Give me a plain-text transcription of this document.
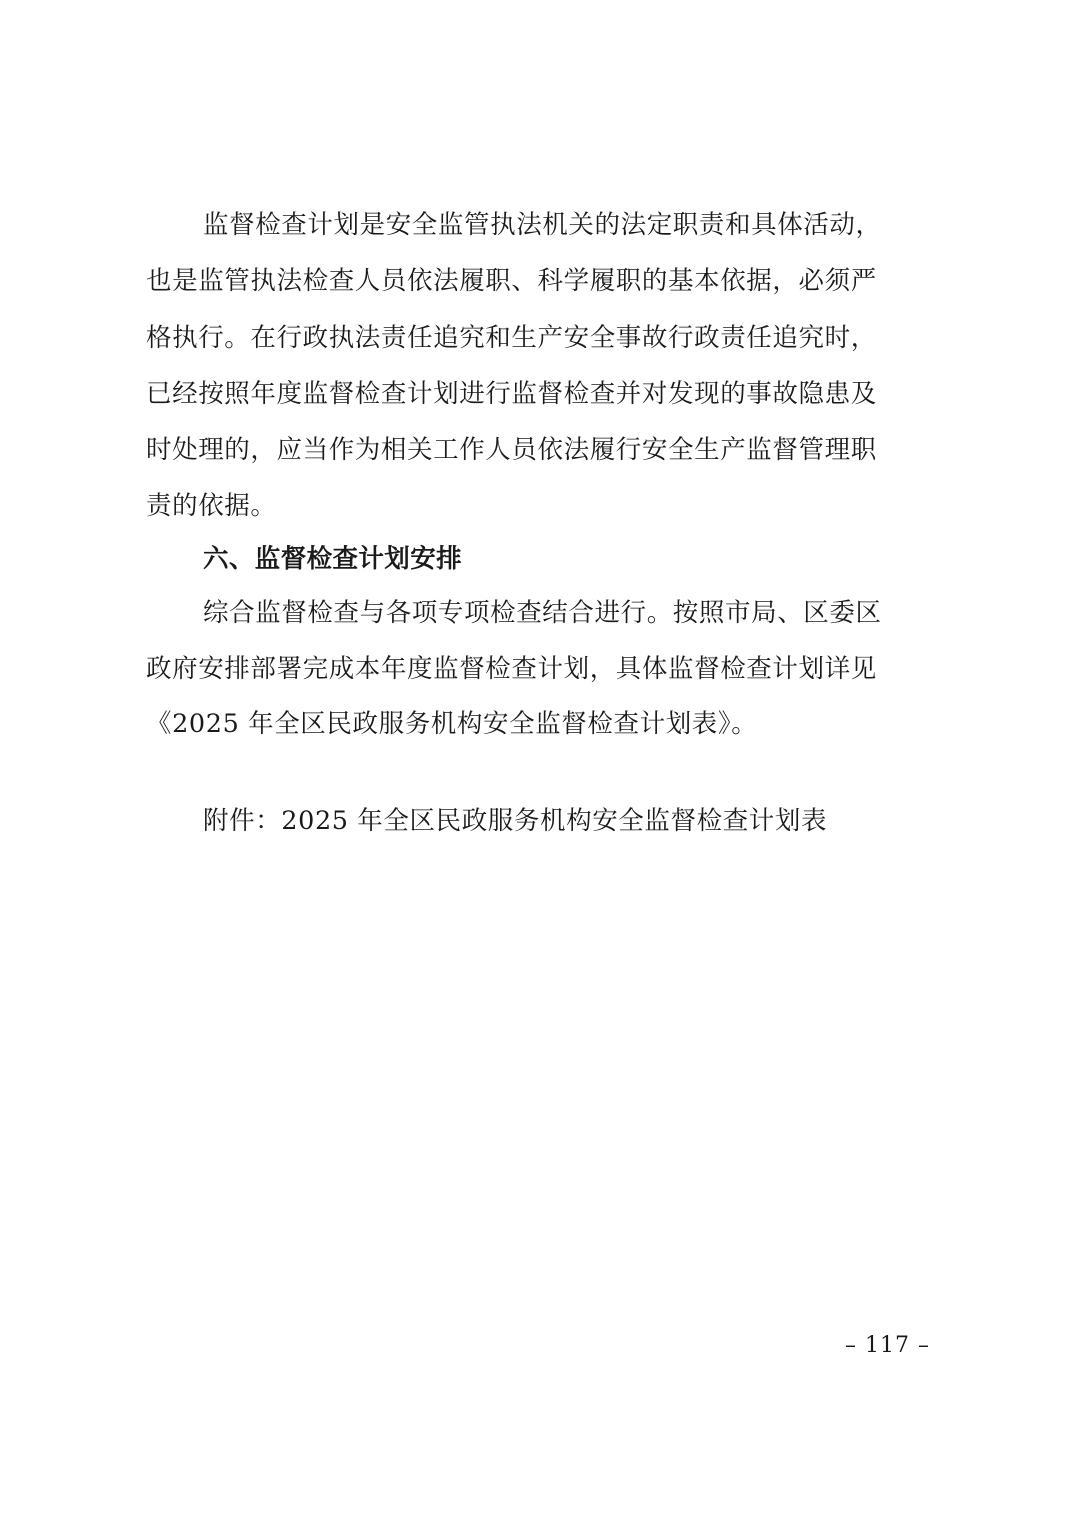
监督检查计划是安全监管执法机关的法定职责和具体活动，
也是监管执法检查人员依法履职、科学履职的基本依据，必须严
格执行。在行政执法责任追究和生产安全事故行政责任追究时，
已经按照年度监督检查计划进行监督检查并对发现的事故隐患及
时处理的，应当作为相关工作人员依法履行安全生产监督管理职
责的依据。
六、监督检查计划安排
综合监督检查与各项专项检查结合进行。按照市局、区委区
政府安排部署完成本年度监督检查计划，具体监督检查计划详见
《2025 年全区民政服务机构安全监督检查计划表》。
附件：2025 年全区民政服务机构安全监督检查计划表
– 117 –
